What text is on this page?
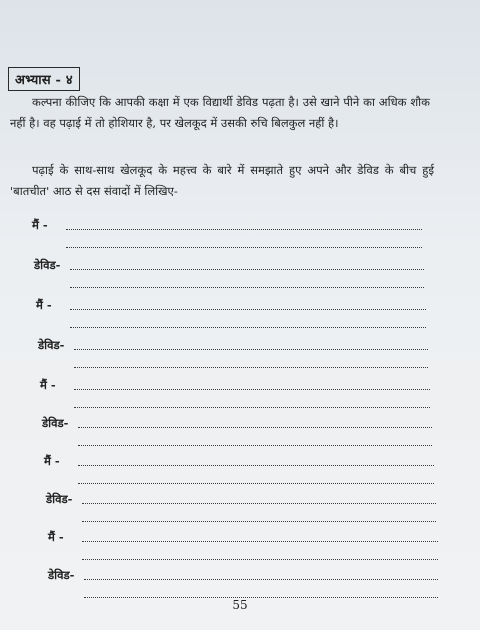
अभ्यास - ४
कल्पना कीजिए कि आपकी कक्षा में एक विद्यार्थी डेविड पढ़ता है। उसे खाने पीने का अधिक शौक नहीं है। वह पढ़ाई में तो होशियार है, पर खेलकूद में उसकी रुचि बिलकुल नहीं है।
पढ़ाई के साथ-साथ खेलकूद के महत्त्व के बारे में समझाते हुए अपने और डेविड के बीच हुई 'बातचीत' आठ से दस संवादों में लिखिए-
मैं -
डेविड-
मैं -
डेविड-
मैं -
डेविड-
मैं -
डेविड-
मैं -
डेविड-
55
